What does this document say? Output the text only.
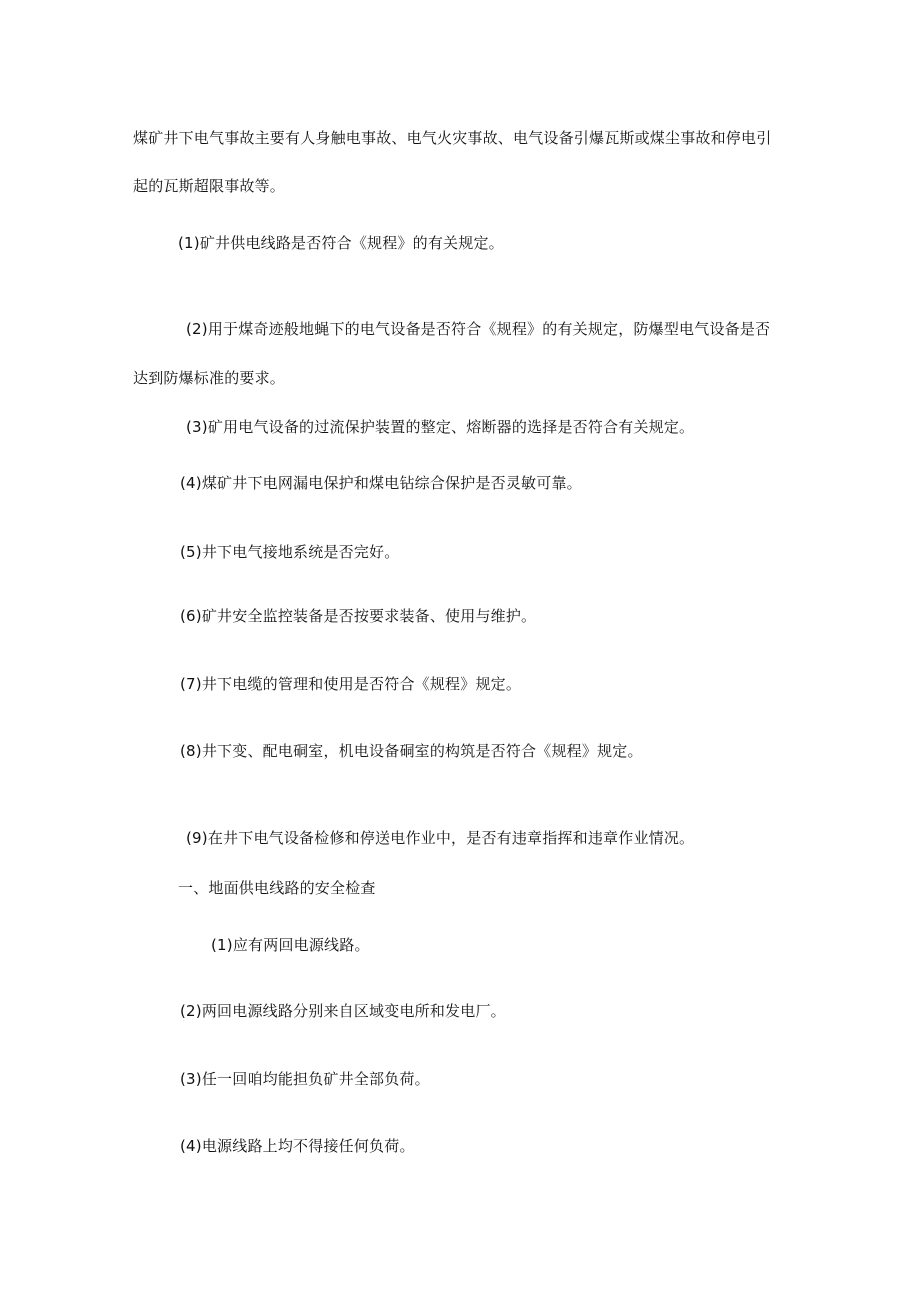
煤矿井下电气事故主要有人身触电事故、电气火灾事故、电气设备引爆瓦斯或煤尘事故和停电引
起的瓦斯超限事故等。
(1)矿井供电线路是否符合《规程》的有关规定。
(2)用于煤奇迹般地蝇下的电气设备是否符合《规程》的有关规定，防爆型电气设备是否
达到防爆标准的要求。
(3)矿用电气设备的过流保护装置的整定、熔断器的选择是否符合有关规定。
(4)煤矿井下电网漏电保护和煤电钻综合保护是否灵敏可靠。
(5)井下电气接地系统是否完好。
(6)矿井安全监控装备是否按要求装备、使用与维护。
(7)井下电缆的管理和使用是否符合《规程》规定。
(8)井下变、配电硐室，机电设备硐室的构筑是否符合《规程》规定。
(9)在井下电气设备检修和停送电作业中，是否有违章指挥和违章作业情况。
一、地面供电线路的安全检查
(1)应有两回电源线路。
(2)两回电源线路分别来自区域变电所和发电厂。
(3)任一回咱均能担负矿井全部负荷。
(4)电源线路上均不得接任何负荷。
